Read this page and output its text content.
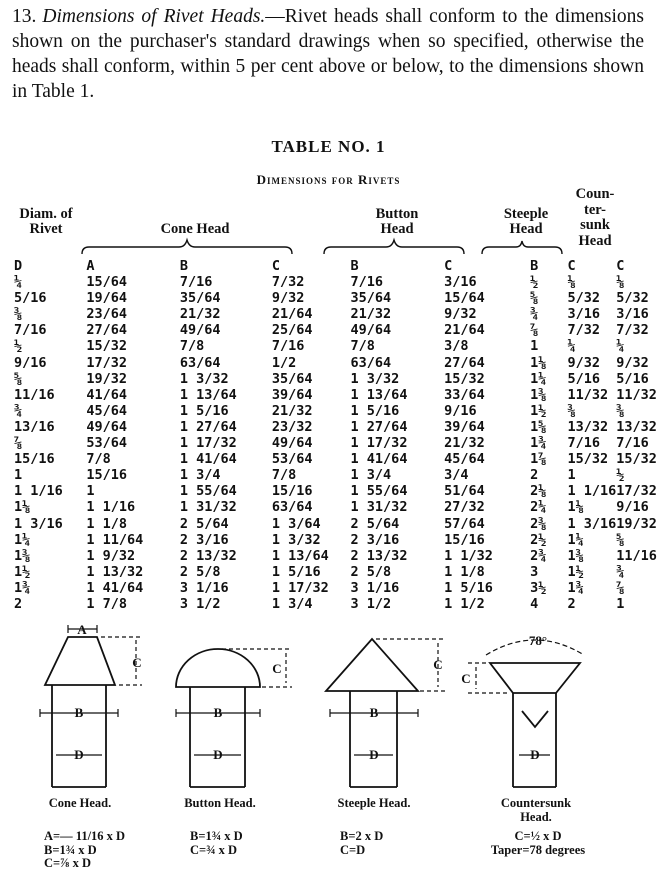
13. Dimensions of Rivet Heads.—Rivet heads shall conform to the dimensions shown on the purchaser's standard drawings when so specified, otherwise the heads shall conform, within 5 per cent above or below, to the dimensions shown in Table 1.
TABLE NO. 1
Dimensions for Rivets
Diam. of Rivet	Cone Head
Button Head
Steeple Head
Coun- ter- sunk Head
D	A	B	C	B	C	B	C	C
¼	15/64	7/16	7/32	7/16	3/16	½	⅛	⅛
5/16	19/64	35/64	9/32	35/64	15/64	⅝	5/32	5/32
⅜	23/64	21/32	21/64	21/32	9/32	¾	3/16	3/16
7/16	27/64	49/64	25/64	49/64	21/64	⅞	7/32	7/32
½	15/32	7/8	7/16	7/8	3/8	1	¼	¼
9/16	17/32	63/64	1/2	63/64	27/64	1⅛	9/32	9/32
⅝	19/32	1 3/32	35/64	1 3/32	15/32	1¼	5/16	5/16
11/16	41/64	1 13/64	39/64	1 13/64	33/64	1⅜	11/32	11/32
¾	45/64	1 5/16	21/32	1 5/16	9/16	1½	⅜	⅜
13/16	49/64	1 27/64	23/32	1 27/64	39/64	1⅝	13/32	13/32
⅞	53/64	1 17/32	49/64	1 17/32	21/32	1¾	7/16	7/16
15/16	7/8	1 41/64	53/64	1 41/64	45/64	1⅞	15/32	15/32
1	15/16	1 3/4	7/8	1 3/4	3/4	2	1	½
1 1/16	1	1 55/64	15/16	1 55/64	51/64	2⅛	1 1/16	17/32
1⅛	1 1/16	1 31/32	63/64	1 31/32	27/32	2¼	1⅛	9/16
1 3/16	1 1/8	2 5/64	1 3/64	2 5/64	57/64	2⅜	1 3/16	19/32
1¼	1 11/64	2 3/16	1 3/32	2 3/16	15/16	2½	1¼	⅝
1⅜	1 9/32	2 13/32	1 13/64	2 13/32	1 1/32	2¾	1⅜	11/16
1½	1 13/32	2 5/8	1 5/16	2 5/8	1 1/8	3	1½	¾
1¾	1 41/64	3 1/16	1 17/32	3 1/16	1 5/16	3½	1¾	⅞
2	1 7/8	3 1/2	1 3/4	3 1/2	1 1/2	4	2	1
A
C
B
D
C
B
D
C
B
D
78°
C
D
Cone Head.	Button Head.	Steeple Head.	Countersunk Head.
A=— 11/16 x D
B=1¾ x D
C=⅞ x D
B=1¾ x D
C=¾ x D
B=2 x D
C=D
C=½ x D
Taper=78 degrees
